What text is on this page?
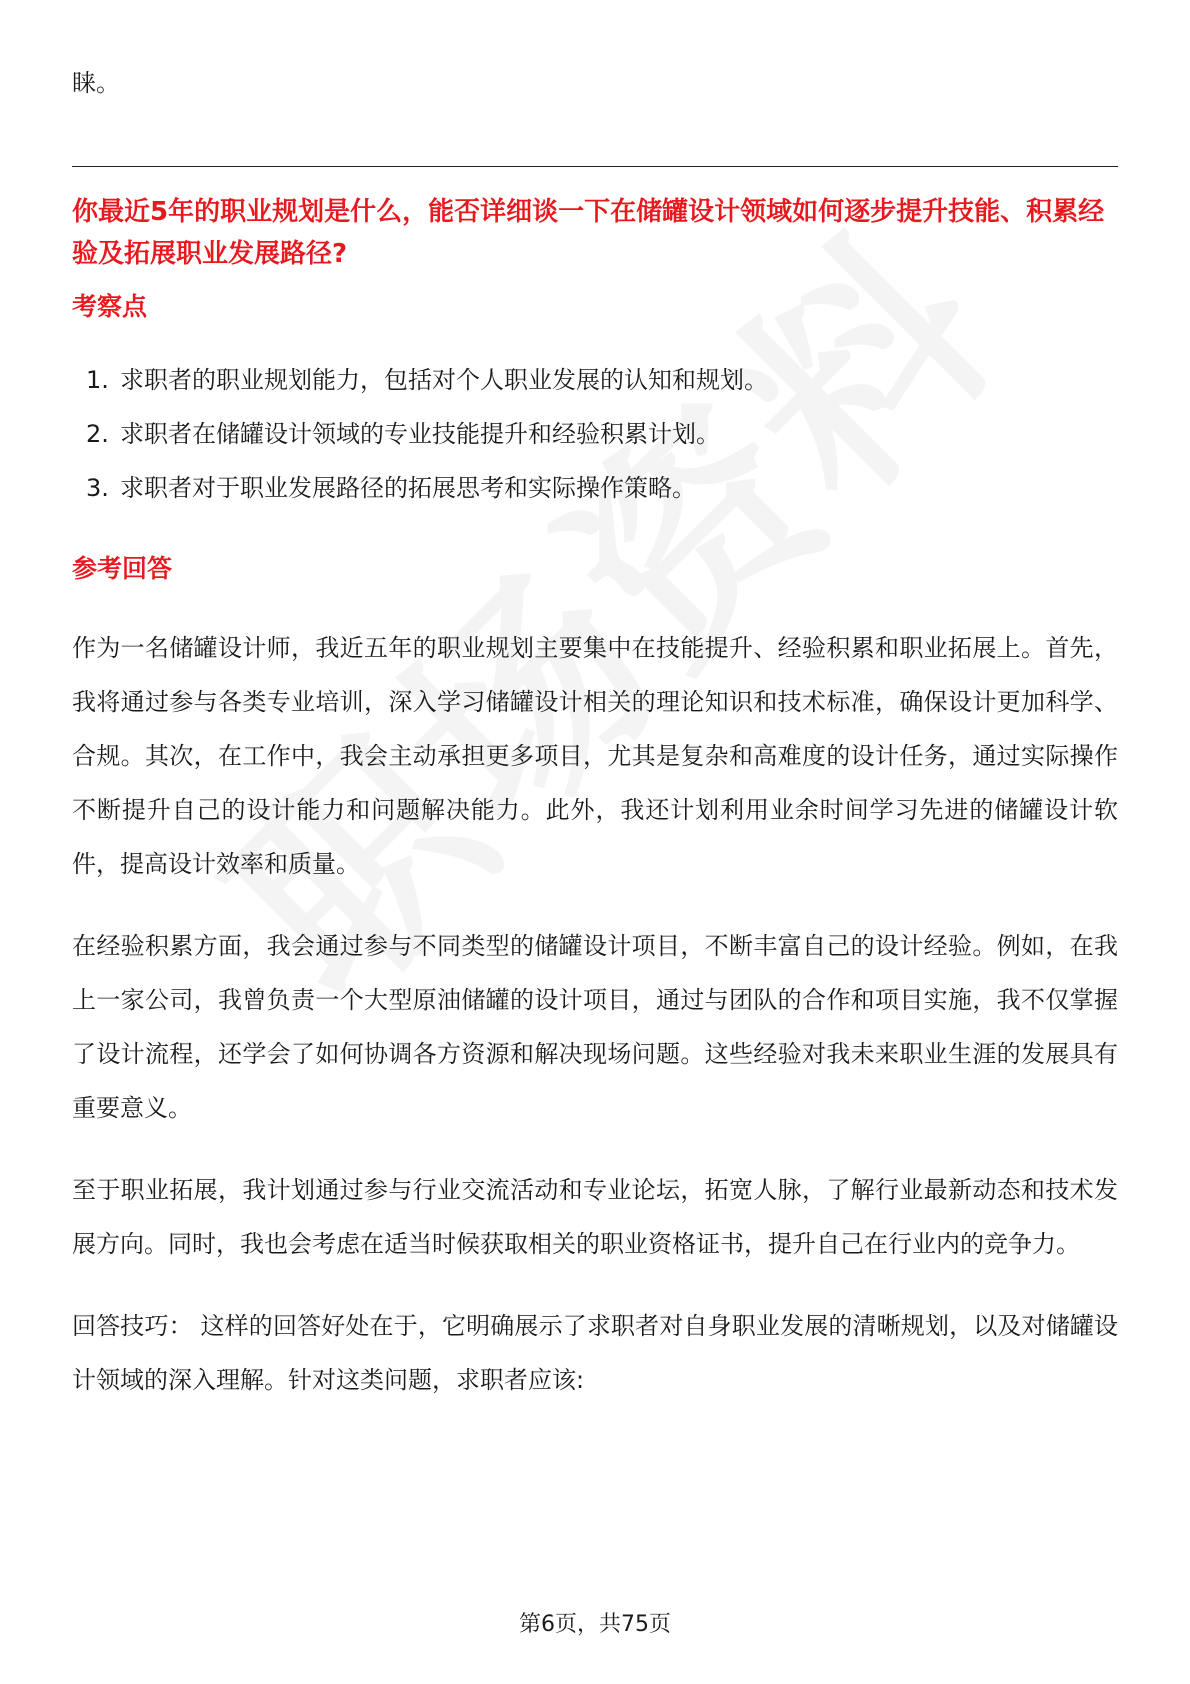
睐。

你最近5年的职业规划是什么，能否详细谈一下在储罐设计领域如何逐步提升技能、积累经验及拓展职业发展路径?

考察点

1. 求职者的职业规划能力，包括对个人职业发展的认知和规划。
2. 求职者在储罐设计领域的专业技能提升和经验积累计划。
3. 求职者对于职业发展路径的拓展思考和实际操作策略。

参考回答

作为一名储罐设计师，我近五年的职业规划主要集中在技能提升、经验积累和职业拓展上。首先，我将通过参与各类专业培训，深入学习储罐设计相关的理论知识和技术标准，确保设计更加科学、合规。其次，在工作中，我会主动承担更多项目，尤其是复杂和高难度的设计任务，通过实际操作不断提升自己的设计能力和问题解决能力。此外，我还计划利用业余时间学习先进的储罐设计软件，提高设计效率和质量。

在经验积累方面，我会通过参与不同类型的储罐设计项目，不断丰富自己的设计经验。例如，在我上一家公司，我曾负责一个大型原油储罐的设计项目，通过与团队的合作和项目实施，我不仅掌握了设计流程，还学会了如何协调各方资源和解决现场问题。这些经验对我未来职业生涯的发展具有重要意义。

至于职业拓展，我计划通过参与行业交流活动和专业论坛，拓宽人脉，了解行业最新动态和技术发展方向。同时，我也会考虑在适当时候获取相关的职业资格证书，提升自己在行业内的竞争力。

回答技巧： 这样的回答好处在于，它明确展示了求职者对自身职业发展的清晰规划，以及对储罐设计领域的深入理解。针对这类问题，求职者应该:

第6页，共75页
